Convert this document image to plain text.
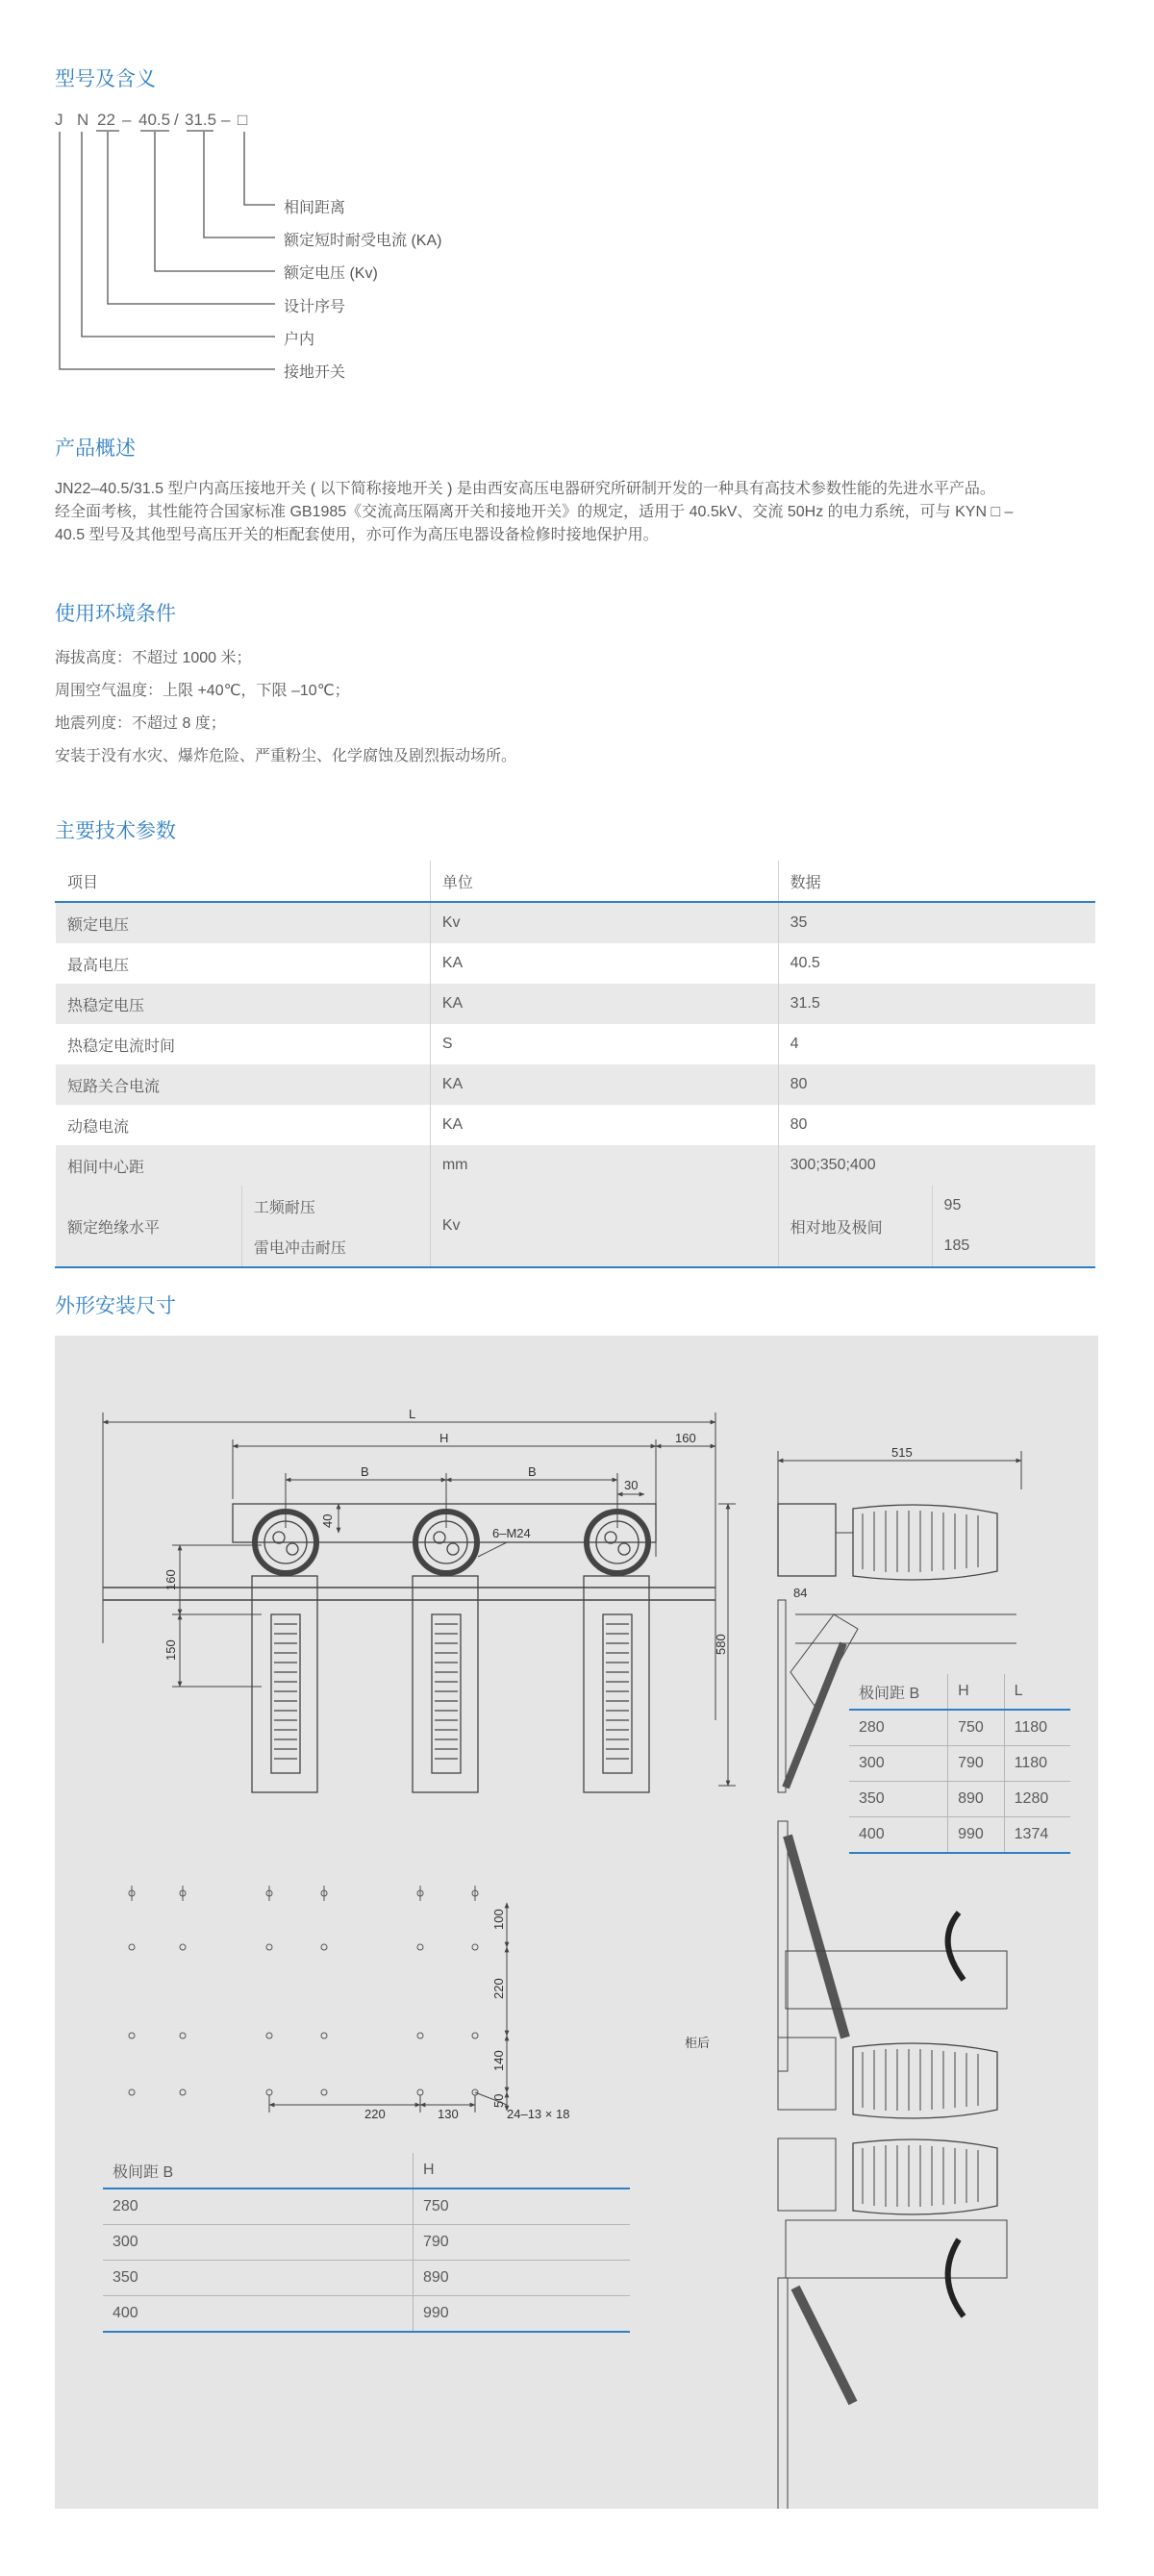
型号及含义
J N 22 – 40.5 / 31.5 – □
相间距离
额定短时耐受电流 (KA)
额定电压 (Kv)
设计序号
户内
接地开关
产品概述

JN22–40.5/31.5 型户内高压接地开关 ( 以下简称接地开关 ) 是由西安高压电器研究所研制开发的一种具有高技术参数性能的先进水平产品。

经全面考核，其性能符合国家标准 GB1985《交流高压隔离开关和接地开关》的规定，适用于 40.5kV、交流 50Hz 的电力系统，可与 KYN □ –

40.5 型号及其他型号高压开关的柜配套使用，亦可作为高压电器设备检修时接地保护用。

使用环境条件
海拔高度：不超过 1000 米；
周围空气温度：上限 +40℃，下限 –10℃；
地震列度：不超过 8 度；
安装于没有水灾、爆炸危险、严重粉尘、化学腐蚀及剧烈振动场所。
主要技术参数
项目		单位	数据	
额定电压		Kv	35	
最高电压		KA	40.5	
热稳定电压		KA	31.5	
热稳定电流时间		S	4	
短路关合电流		KA	80	
动稳电流		KA	80	
相间中心距		mm	300;350;400	
额定绝缘水平	工频耐压	Kv	相对地及极间	95
	雷电冲击耐压			185
外形安装尺寸
L
H	160
B	B
30
40
6–M24
160
150	580
515
84
100
220
140
50
220	130	24–13 × 18
柜后
极间距 B	H	L
280	750	1180
300	790	1180
350	890	1280
400	990	1374
极间距 B	H
280	750
300	790
350	890
400	990
